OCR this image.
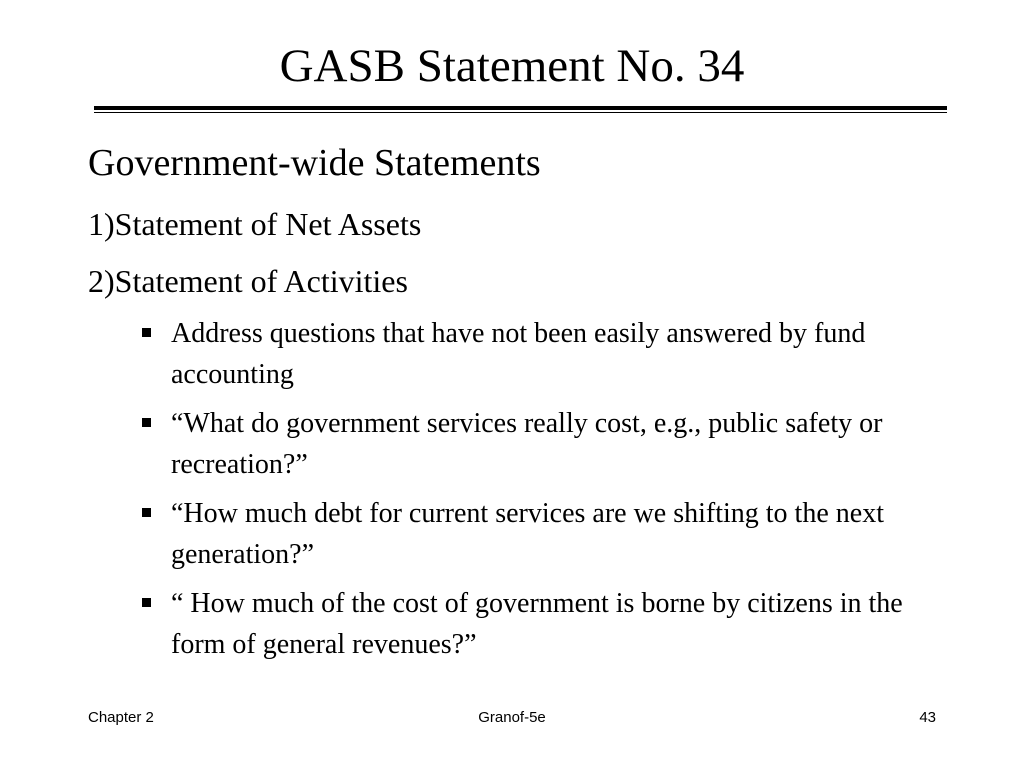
GASB Statement No. 34
Government-wide Statements
1)Statement of Net Assets
2)Statement of Activities
Address questions that have not been easily answered by fund accounting
“What do government services really cost, e.g., public safety or recreation?”
“How much debt for current services are we shifting to the next generation?”
“ How much of the cost of government is borne by citizens in the form of general revenues?”
Chapter 2	Granof-5e	43
